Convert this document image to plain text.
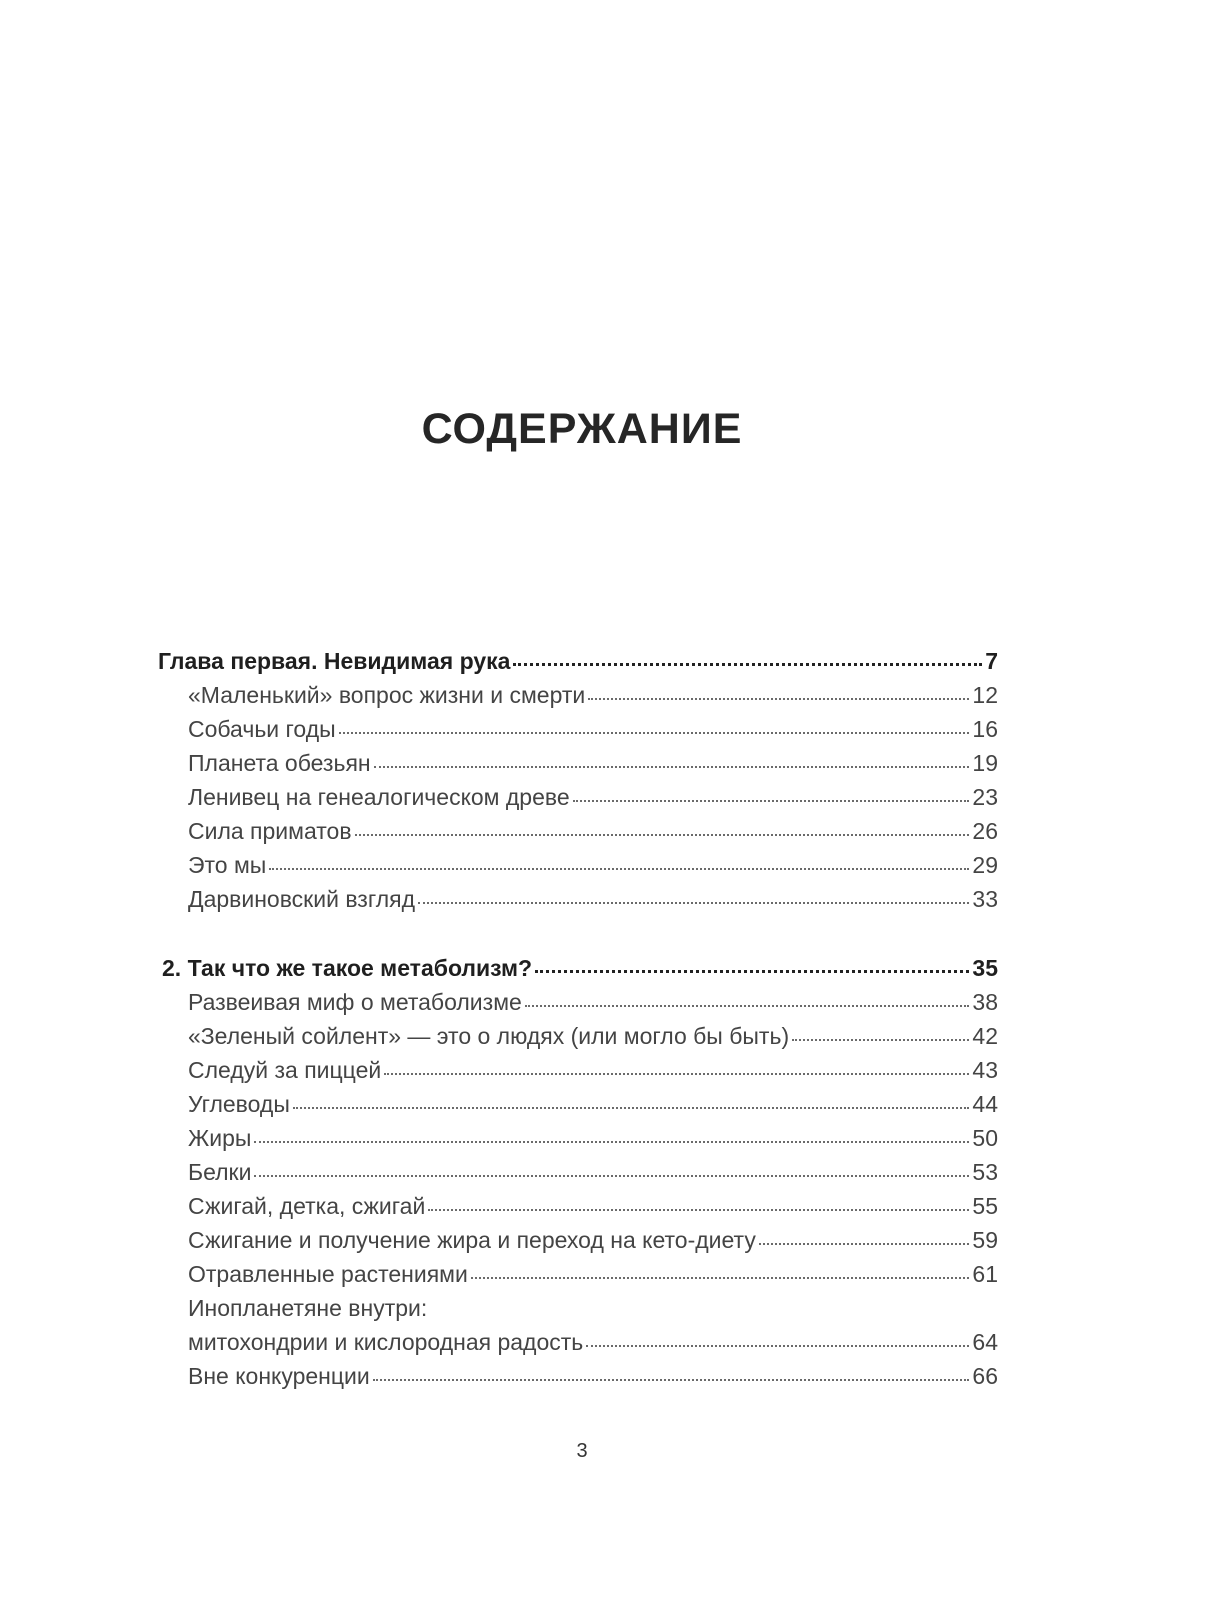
СОДЕРЖАНИЕ
Глава первая. Невидимая рука	7
«Маленький» вопрос жизни и смерти	12
Собачьи годы	16
Планета обезьян	19
Ленивец на генеалогическом древе	23
Сила приматов	26
Это мы	29
Дарвиновский взгляд	33
2. Так что же такое метаболизм?	35
Развеивая миф о метаболизме	38
«Зеленый сойлент» — это о людях (или могло бы быть)	42
Следуй за пиццей	43
Углеводы	44
Жиры	50
Белки	53
Сжигай, детка, сжигай	55
Сжигание и получение жира и переход на кето-диету	59
Отравленные растениями	61
Инопланетяне внутри:
митохондрии и кислородная радость	64
Вне конкуренции	66
3
